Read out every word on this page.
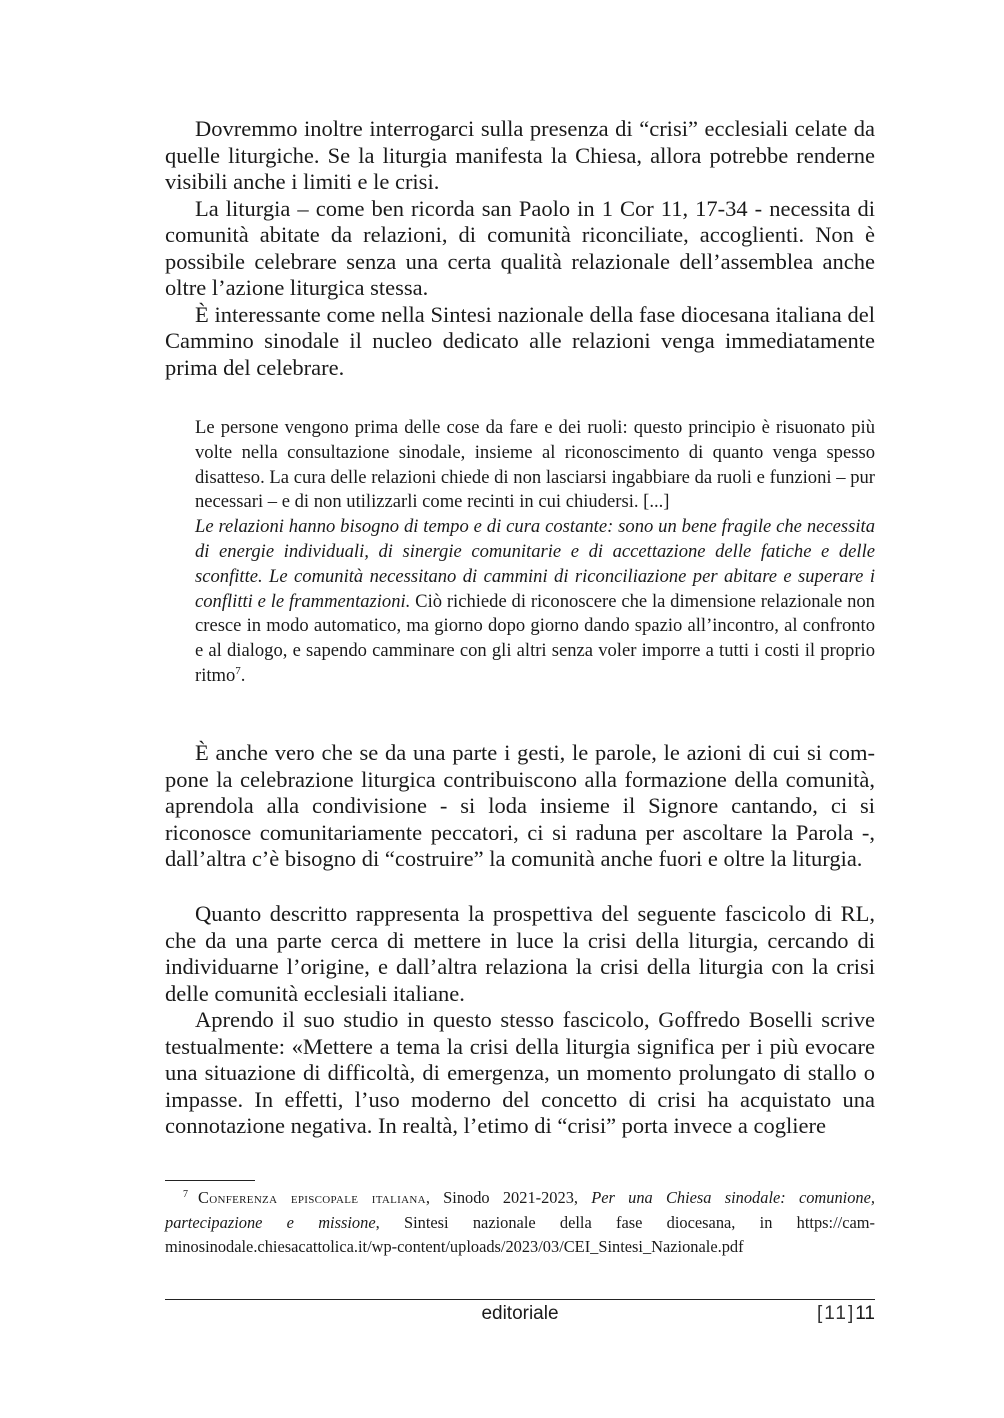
Dovremmo inoltre interrogarci sulla presenza di “crisi” ecclesiali celate da quelle liturgiche. Se la liturgia manifesta la Chiesa, allora potrebbe renderne visibili anche i limiti e le crisi.

La liturgia – come ben ricorda san Paolo in 1 Cor 11, 17-34 - necessita di comunità abitate da relazioni, di comunità riconciliate, accoglienti. Non è possibile celebrare senza una certa qualità relazionale dell’assemblea anche oltre l’azione liturgica stessa.

È interessante come nella Sintesi nazionale della fase diocesana italiana del Cammino sinodale il nucleo dedicato alle relazioni venga immediatamente prima del celebrare.

Le persone vengono prima delle cose da fare e dei ruoli: questo principio è risuonato più volte nella consultazione sinodale, insieme al riconoscimento di quanto venga spesso disatteso. La cura delle relazioni chiede di non lasciarsi ingabbiare da ruoli e funzioni – pur necessari – e di non utilizzarli come recinti in cui chiudersi. [...]
Le relazioni hanno bisogno di tempo e di cura costante: sono un bene fragile che necessita di energie individuali, di sinergie comunitarie e di accettazione delle fatiche e delle sconfitte. Le comunità necessitano di cammini di riconciliazione per abitare e superare i conflitti e le frammentazioni. Ciò richiede di riconoscere che la dimensione relazionale non cresce in modo automatico, ma giorno dopo giorno dando spazio all’incontro, al confronto e al dialogo, e sapendo camminare con gli altri senza voler imporre a tutti i costi il proprio ritmo$^7$.

È anche vero che se da una parte i gesti, le parole, le azioni di cui si compone la celebrazione liturgica contribuiscono alla formazione della comunità, aprendola alla condivisione - si loda insieme il Signore cantando, ci si riconosce comunitariamente peccatori, ci si raduna per ascoltare la Parola -, dall’altra c’è bisogno di “costruire” la comunità anche fuori e oltre la liturgia.

Quanto descritto rappresenta la prospettiva del seguente fascicolo di RL, che da una parte cerca di mettere in luce la crisi della liturgia, cercando di individuarne l’origine, e dall’altra relaziona la crisi della liturgia con la crisi delle comunità ecclesiali italiane.

Aprendo il suo studio in questo stesso fascicolo, Goffredo Boselli scrive testualmente: «Mettere a tema la crisi della liturgia significa per i più evocare una situazione di difficoltà, di emergenza, un momento prolungato di stallo o impasse. In effetti, l’uso moderno del concetto di crisi ha acquistato una connotazione negativa. In realtà, l’etimo di “crisi” porta invece a cogliere

$^7$ Conferenza episcopale italiana, Sinodo 2021-2023, Per una Chiesa sinodale: comunione, partecipazione e missione, Sintesi nazionale della fase diocesana, in https://camminosinodale.chiesacattolica.it/wp-content/uploads/2023/03/CEI_Sintesi_Nazionale.pdf

editoriale	[11]11
